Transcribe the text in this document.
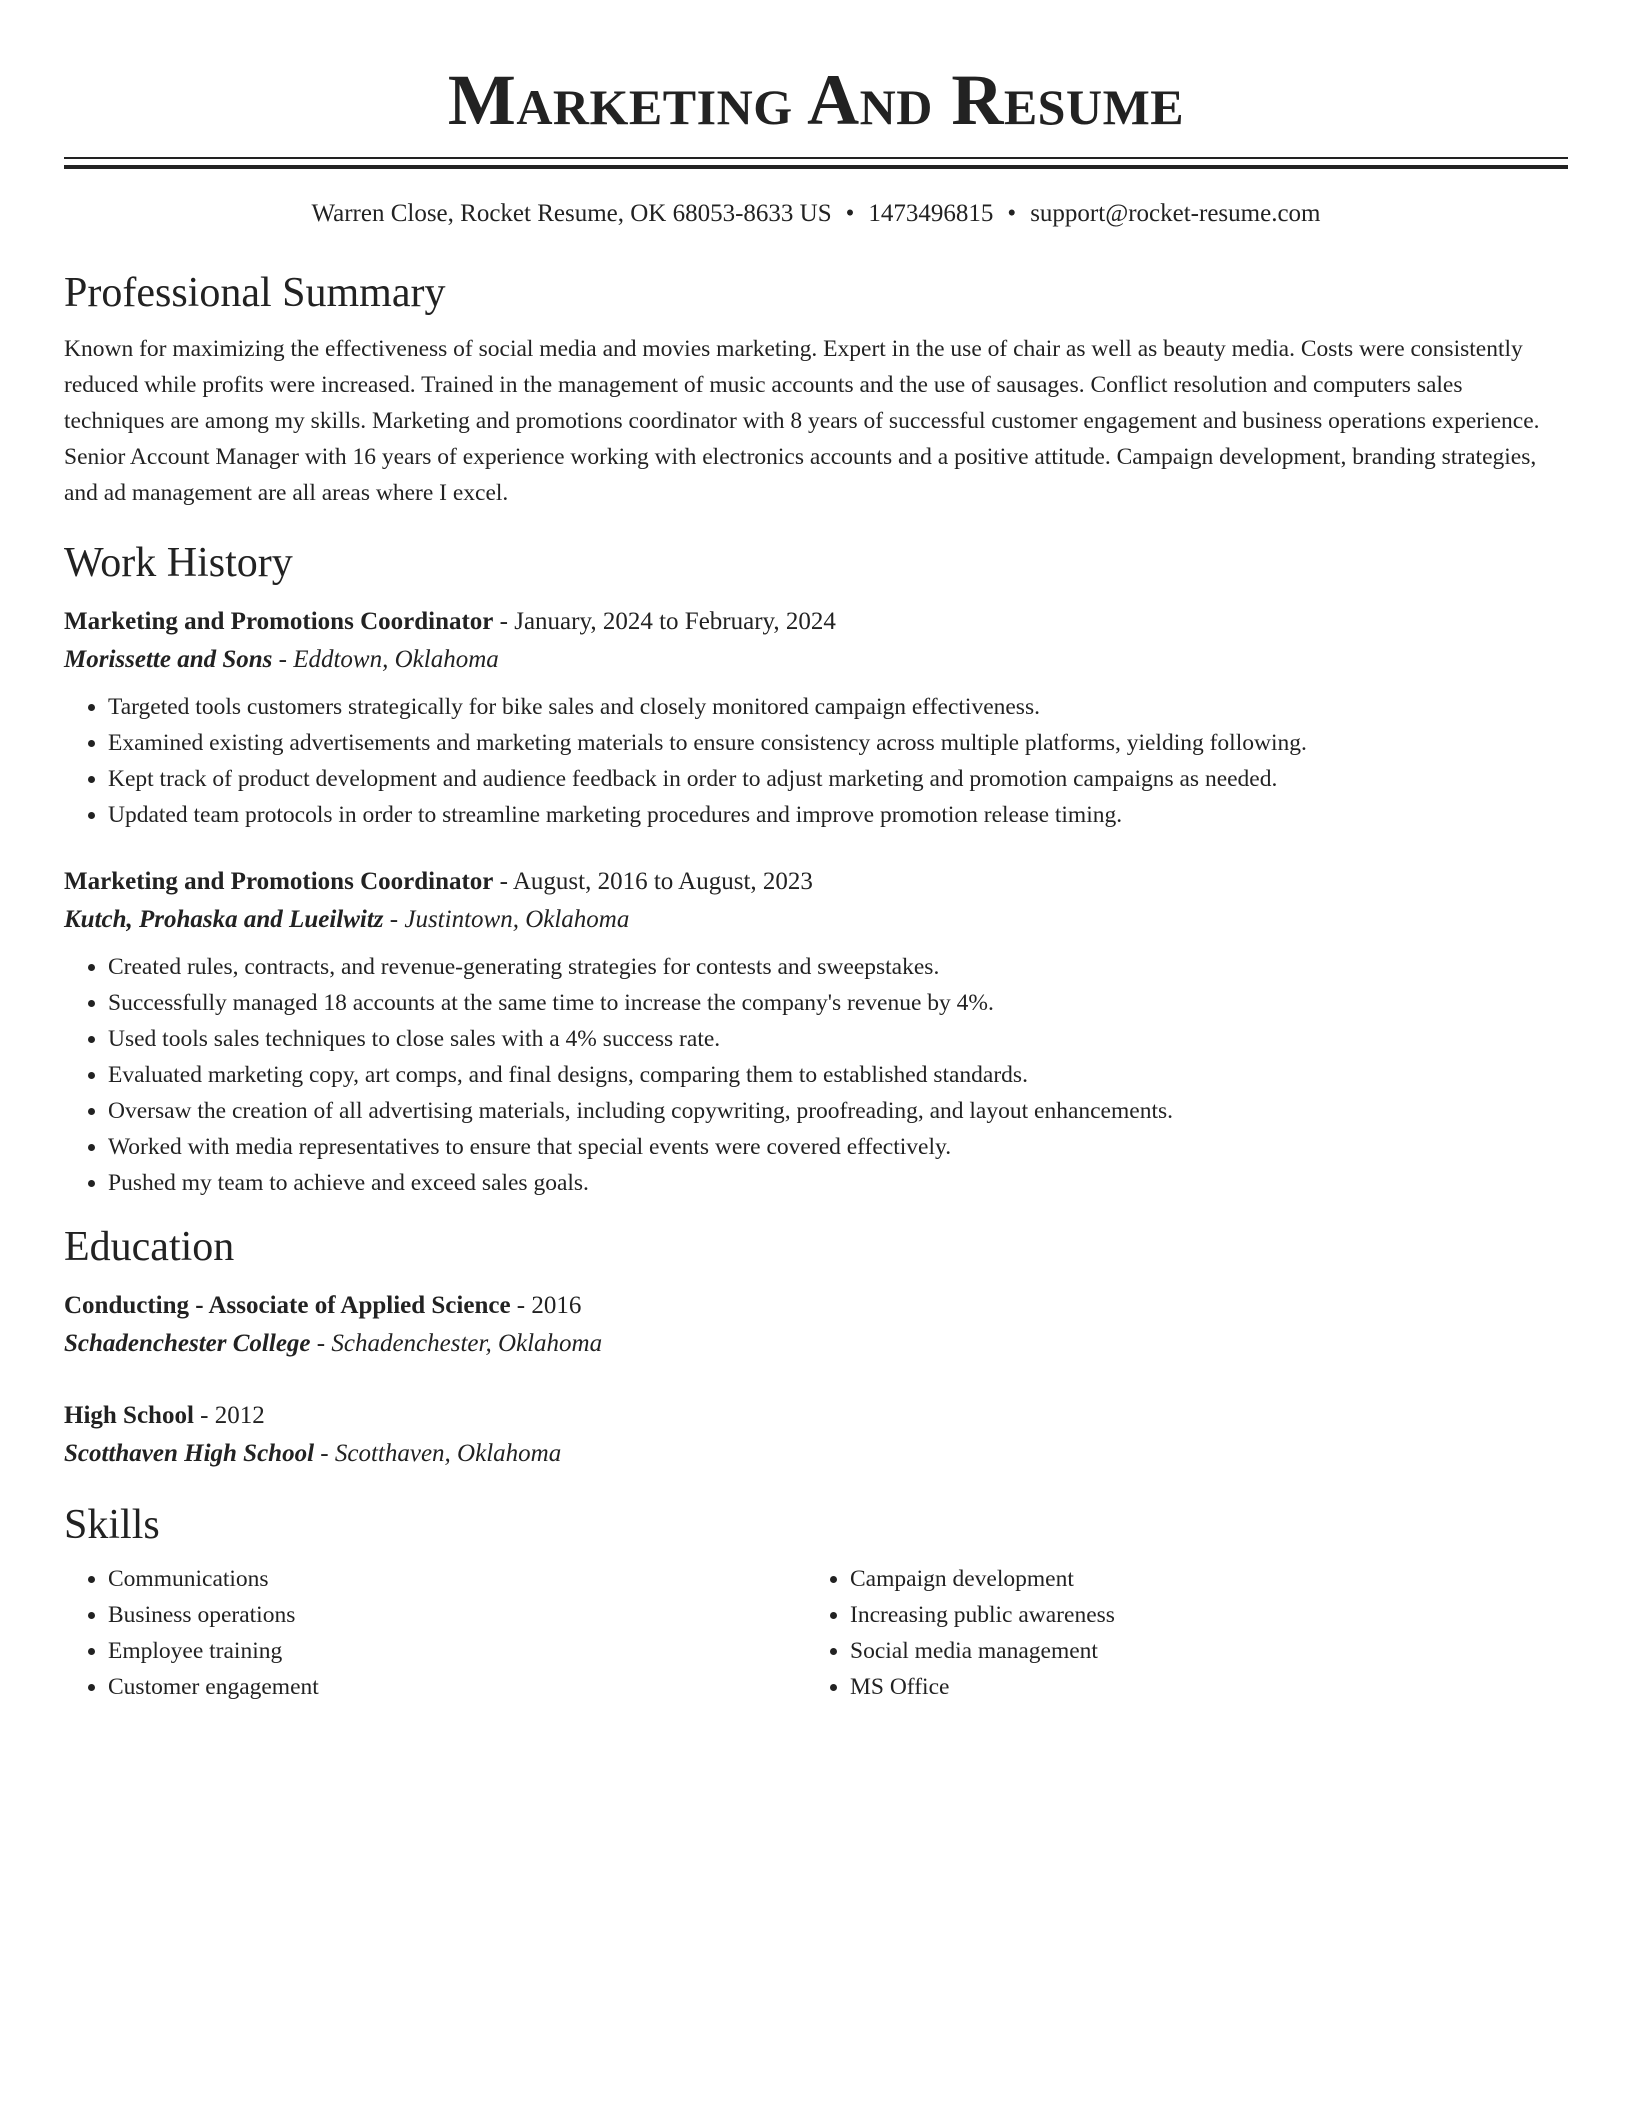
Marketing And Resume
Warren Close, Rocket Resume, OK 68053-8633 US • 1473496815 • support@rocket-resume.com
Professional Summary

Known for maximizing the effectiveness of social media and movies marketing. Expert in the use of chair as well as beauty media. Costs were consistently reduced while profits were increased. Trained in the management of music accounts and the use of sausages. Conflict resolution and computers sales techniques are among my skills. Marketing and promotions coordinator with 8 years of successful customer engagement and business operations experience. Senior Account Manager with 16 years of experience working with electronics accounts and a positive attitude. Campaign development, branding strategies, and ad management are all areas where I excel.

Work History
Marketing and Promotions Coordinator - January, 2024 to February, 2024
Morissette and Sons - Eddtown, Oklahoma
• Targeted tools customers strategically for bike sales and closely monitored campaign effectiveness.
• Examined existing advertisements and marketing materials to ensure consistency across multiple platforms, yielding following.
• Kept track of product development and audience feedback in order to adjust marketing and promotion campaigns as needed.
• Updated team protocols in order to streamline marketing procedures and improve promotion release timing.
Marketing and Promotions Coordinator - August, 2016 to August, 2023
Kutch, Prohaska and Lueilwitz - Justintown, Oklahoma
• Created rules, contracts, and revenue-generating strategies for contests and sweepstakes.
• Successfully managed 18 accounts at the same time to increase the company's revenue by 4%.
• Used tools sales techniques to close sales with a 4% success rate.
• Evaluated marketing copy, art comps, and final designs, comparing them to established standards.
• Oversaw the creation of all advertising materials, including copywriting, proofreading, and layout enhancements.
• Worked with media representatives to ensure that special events were covered effectively.
• Pushed my team to achieve and exceed sales goals.
Education
Conducting - Associate of Applied Science - 2016
Schadenchester College - Schadenchester, Oklahoma
High School - 2012
Scotthaven High School - Scotthaven, Oklahoma
Skills
• Communications
• Business operations
• Employee training
• Customer engagement
• Campaign development
• Increasing public awareness
• Social media management
• MS Office
